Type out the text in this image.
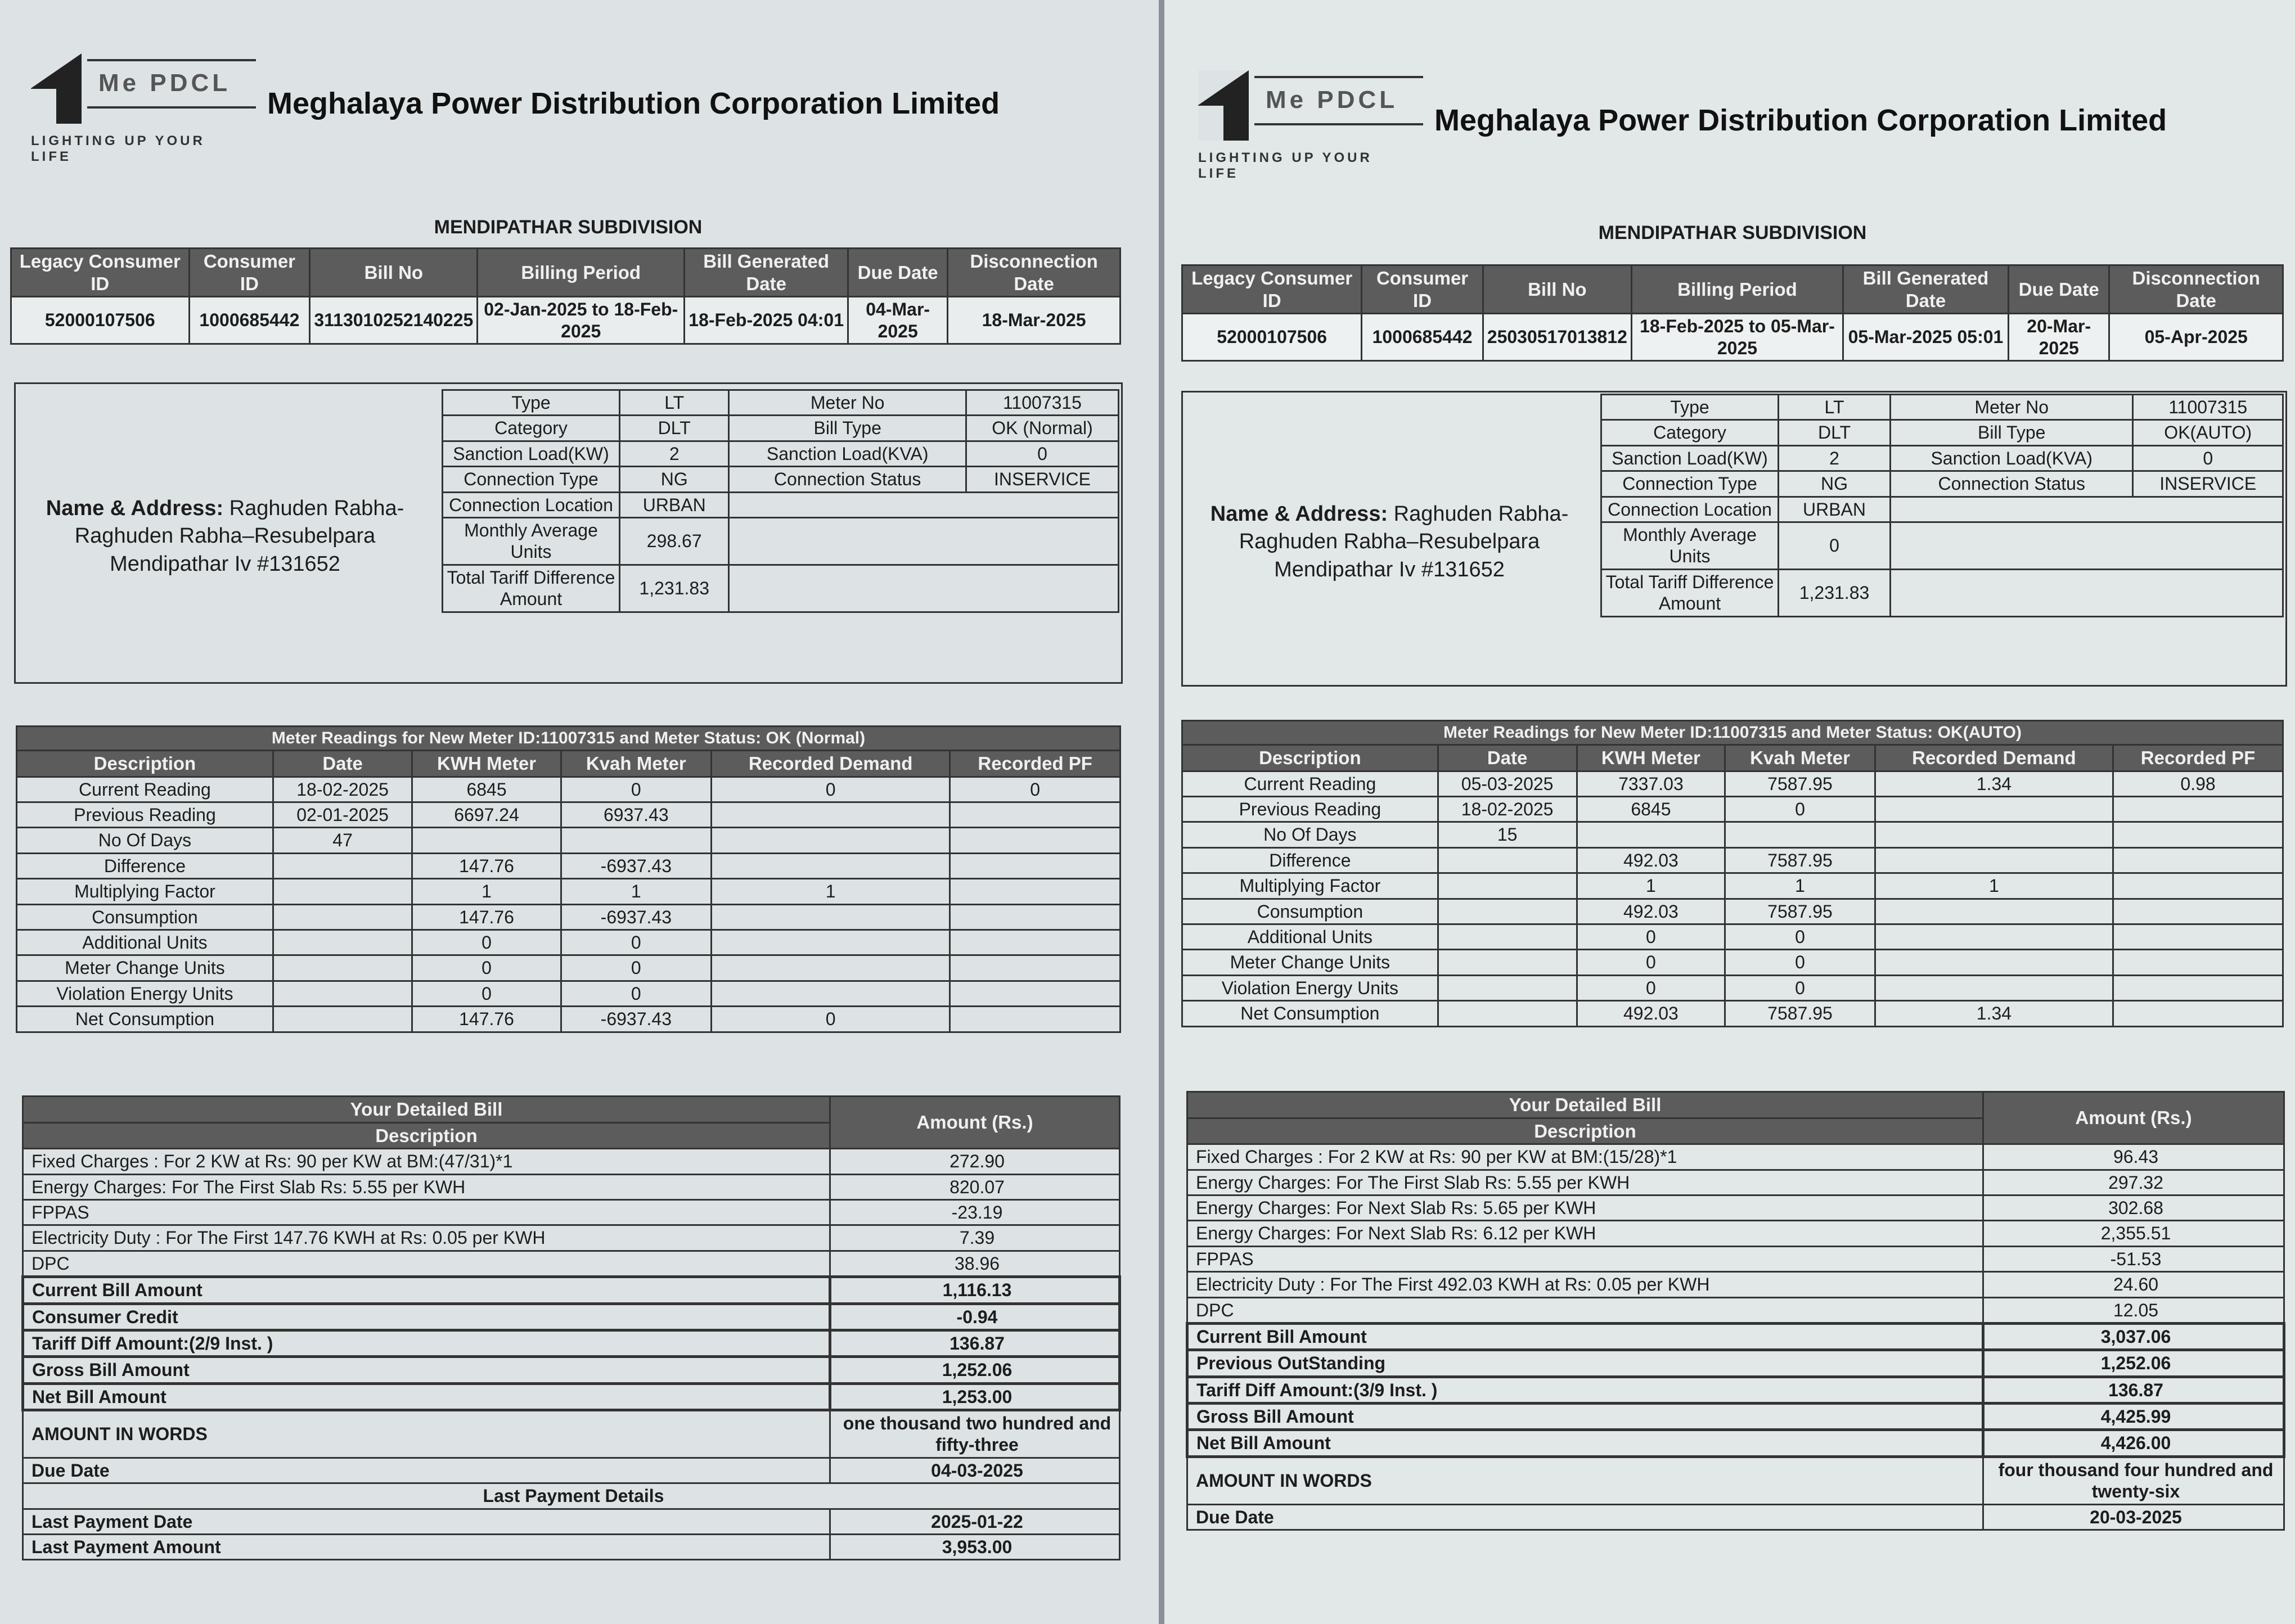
Me PDCL
LIGHTING UP YOUR LIFE
Meghalaya Power Distribution Corporation Limited
MENDIPATHAR SUBDIVISION
Legacy Consumer ID	Consumer ID	Bill No	Billing Period	Bill Generated Date	Due Date	Disconnection Date
52000107506	1000685442	3113010252140225	02-Jan-2025 to 18-Feb-2025	18-Feb-2025 04:01	04-Mar-2025	18-Mar-2025
Name & Address: Raghuden Rabha-
Raghuden Rabha–Resubelpara
Mendipathar Iv #131652
Type	LT	Meter No	11007315
Category	DLT	Bill Type	OK (Normal)
Sanction Load(KW)	2	Sanction Load(KVA)	0
Connection Type	NG	Connection Status	INSERVICE
Connection Location	URBAN		
Monthly Average Units	298.67		
Total Tariff Difference Amount	1,231.83		
Meter Readings for New Meter ID:11007315 and Meter Status: OK (Normal)					
Description	Date	KWH Meter	Kvah Meter	Recorded Demand	Recorded PF
Current Reading	18-02-2025	6845	0	0	0
Previous Reading	02-01-2025	6697.24	6937.43		
No Of Days	47				
Difference		147.76	-6937.43		
Multiplying Factor		1	1	1	
Consumption		147.76	-6937.43		
Additional Units		0	0		
Meter Change Units		0	0		
Violation Energy Units		0	0		
Net Consumption		147.76	-6937.43	0	
Your Detailed Bill	Amount (Rs.)
Description	
Fixed Charges : For 2 KW at Rs: 90 per KW at BM:(47/31)*1	272.90
Energy Charges: For The First Slab Rs: 5.55 per KWH	820.07
FPPAS	-23.19
Electricity Duty : For The First 147.76 KWH at Rs: 0.05 per KWH	7.39
DPC	38.96
Current Bill Amount	1,116.13
Consumer Credit	-0.94
Tariff Diff Amount:(2/9 Inst. )	136.87
Gross Bill Amount	1,252.06
Net Bill Amount	1,253.00
AMOUNT IN WORDS	one thousand two hundred and fifty-three
Due Date	04-03-2025
Last Payment Details	
Last Payment Date	2025-01-22
Last Payment Amount	3,953.00
Me PDCL
LIGHTING UP YOUR LIFE
Meghalaya Power Distribution Corporation Limited
MENDIPATHAR SUBDIVISION
Legacy Consumer ID	Consumer ID	Bill No	Billing Period	Bill Generated Date	Due Date	Disconnection Date
52000107506	1000685442	25030517013812	18-Feb-2025 to 05-Mar-2025	05-Mar-2025 05:01	20-Mar-2025	05-Apr-2025
Name & Address: Raghuden Rabha-
Raghuden Rabha–Resubelpara
Mendipathar Iv #131652
Type	LT	Meter No	11007315
Category	DLT	Bill Type	OK(AUTO)
Sanction Load(KW)	2	Sanction Load(KVA)	0
Connection Type	NG	Connection Status	INSERVICE
Connection Location	URBAN		
Monthly Average Units	0		
Total Tariff Difference Amount	1,231.83		
Meter Readings for New Meter ID:11007315 and Meter Status: OK(AUTO)					
Description	Date	KWH Meter	Kvah Meter	Recorded Demand	Recorded PF
Current Reading	05-03-2025	7337.03	7587.95	1.34	0.98
Previous Reading	18-02-2025	6845	0		
No Of Days	15				
Difference		492.03	7587.95		
Multiplying Factor		1	1	1	
Consumption		492.03	7587.95		
Additional Units		0	0		
Meter Change Units		0	0		
Violation Energy Units		0	0		
Net Consumption		492.03	7587.95	1.34	
Your Detailed Bill	Amount (Rs.)
Description	
Fixed Charges : For 2 KW at Rs: 90 per KW at BM:(15/28)*1	96.43
Energy Charges: For The First Slab Rs: 5.55 per KWH	297.32
Energy Charges: For Next Slab Rs: 5.65 per KWH	302.68
Energy Charges: For Next Slab Rs: 6.12 per KWH	2,355.51
FPPAS	-51.53
Electricity Duty : For The First 492.03 KWH at Rs: 0.05 per KWH	24.60
DPC	12.05
Current Bill Amount	3,037.06
Previous OutStanding	1,252.06
Tariff Diff Amount:(3/9 Inst. )	136.87
Gross Bill Amount	4,425.99
Net Bill Amount	4,426.00
AMOUNT IN WORDS	four thousand four hundred and twenty-six
Due Date	20-03-2025
